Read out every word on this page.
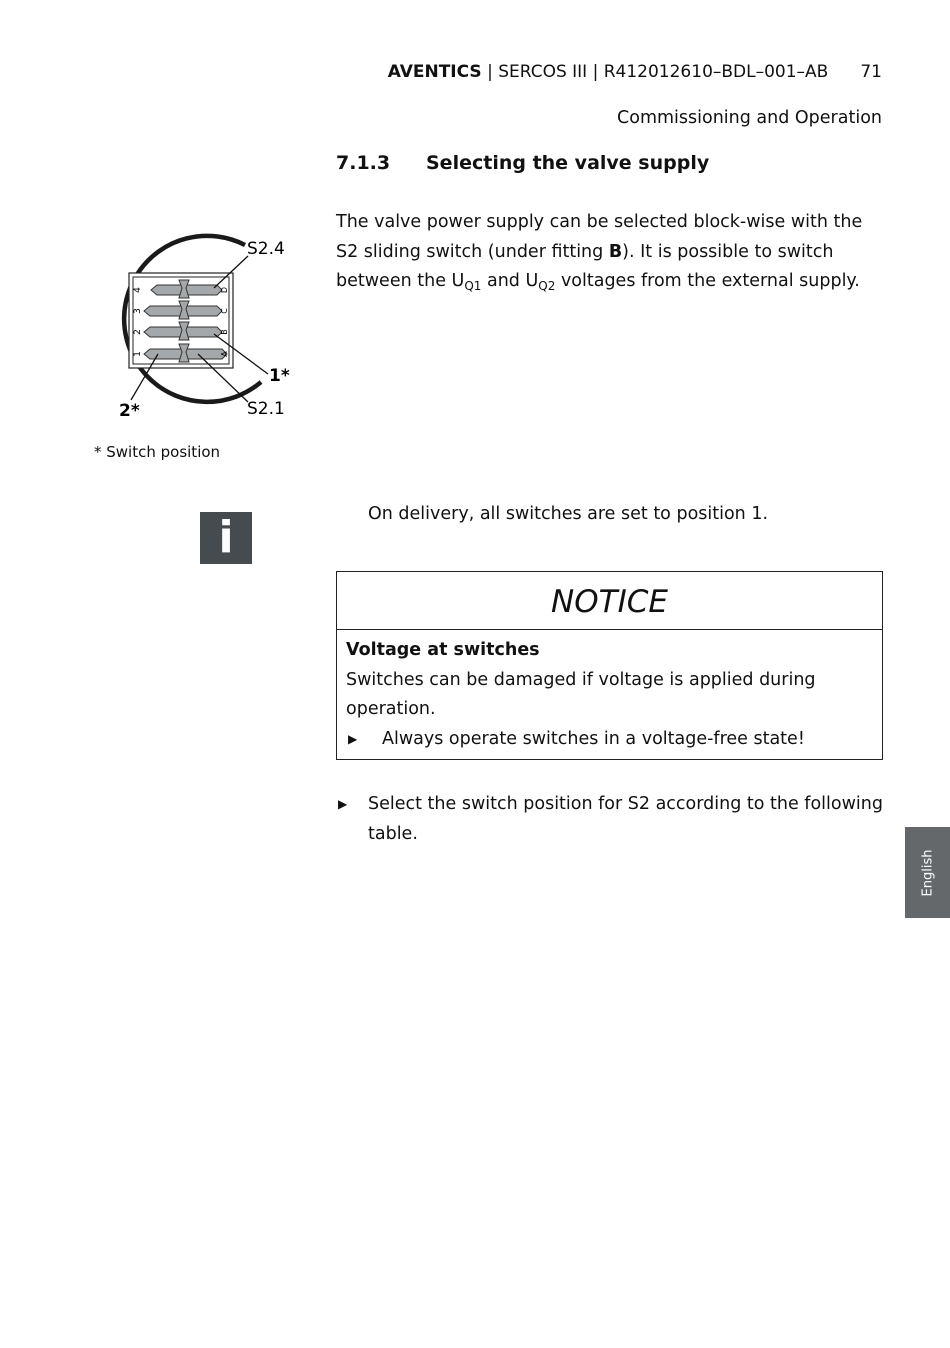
AVENTICS | SERCOS III | R412012610–BDL–001–AB 71
Commissioning and Operation
7.1.3 Selecting the valve supply
The valve power supply can be selected block-wise with the S2 sliding switch (under fitting B). It is possible to switch between the $U_{Q1}$ and $U_{Q2}$ voltages from the external supply.
4
3
2
1
D
C
B
A
S2.4
1*
S2.1
2*
* Switch position
i	On delivery, all switches are set to position 1.
NOTICE
Voltage at switches
Switches can be damaged if voltage is applied during operation.
▶ Always operate switches in a voltage-free state!
▶ Select the switch position for S2 according to the following table.
English
